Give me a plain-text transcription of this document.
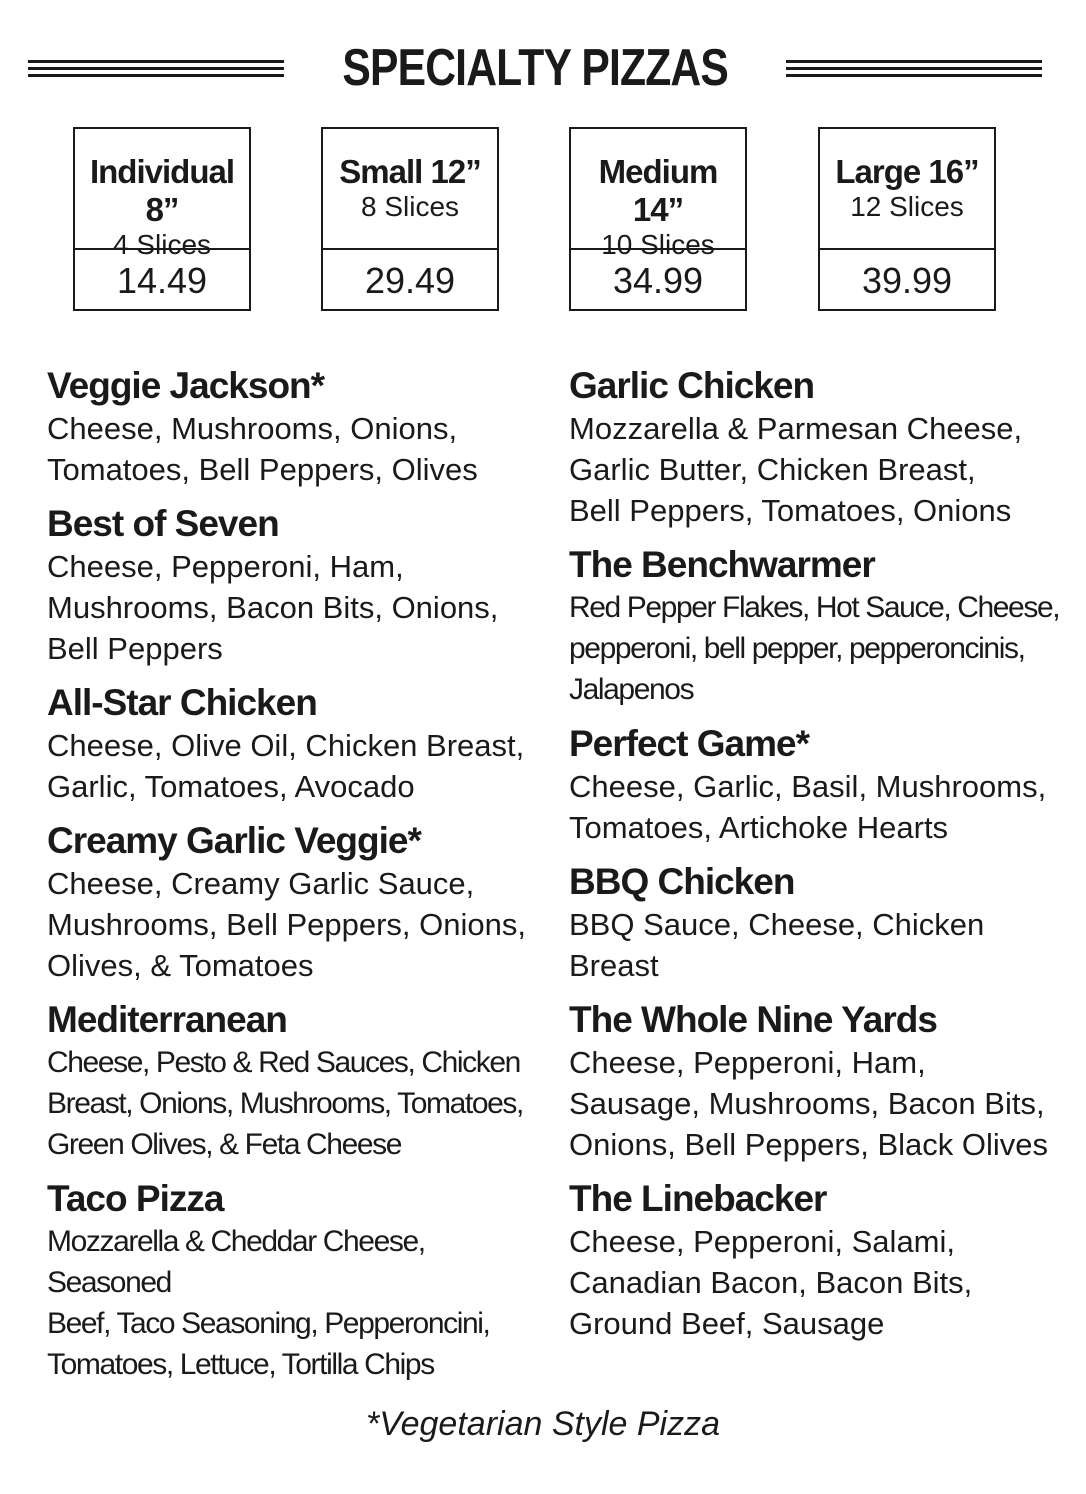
SPECIALTY PIZZAS
Individual 8”
4 Slices
14.49
Small 12”
8 Slices
29.49
Medium 14”
10 Slices
34.99
Large 16”
12 Slices
39.99
Veggie Jackson*
Cheese, Mushrooms, Onions,
Tomatoes, Bell Peppers, Olives
Best of Seven
Cheese, Pepperoni, Ham,
Mushrooms, Bacon Bits, Onions,
Bell Peppers
All-Star Chicken
Cheese, Olive Oil, Chicken Breast,
Garlic, Tomatoes, Avocado
Creamy Garlic Veggie*
Cheese, Creamy Garlic Sauce,
Mushrooms, Bell Peppers, Onions,
Olives, & Tomatoes
Mediterranean
Cheese, Pesto & Red Sauces, Chicken
Breast, Onions, Mushrooms, Tomatoes,
Green Olives, & Feta Cheese
Taco Pizza
Mozzarella & Cheddar Cheese, Seasoned
Beef, Taco Seasoning, Pepperoncini,
Tomatoes, Lettuce, Tortilla Chips
Garlic Chicken
Mozzarella & Parmesan Cheese,
Garlic Butter, Chicken Breast,
Bell Peppers, Tomatoes, Onions
The Benchwarmer
Red Pepper Flakes, Hot Sauce, Cheese,
pepperoni, bell pepper, pepperoncinis,
Jalapenos
Perfect Game*
Cheese, Garlic, Basil, Mushrooms,
Tomatoes, Artichoke Hearts
BBQ Chicken
BBQ Sauce, Cheese, Chicken
Breast
The Whole Nine Yards
Cheese, Pepperoni, Ham,
Sausage, Mushrooms, Bacon Bits,
Onions, Bell Peppers, Black Olives
The Linebacker
Cheese, Pepperoni, Salami,
Canadian Bacon, Bacon Bits,
Ground Beef, Sausage
*Vegetarian Style Pizza
